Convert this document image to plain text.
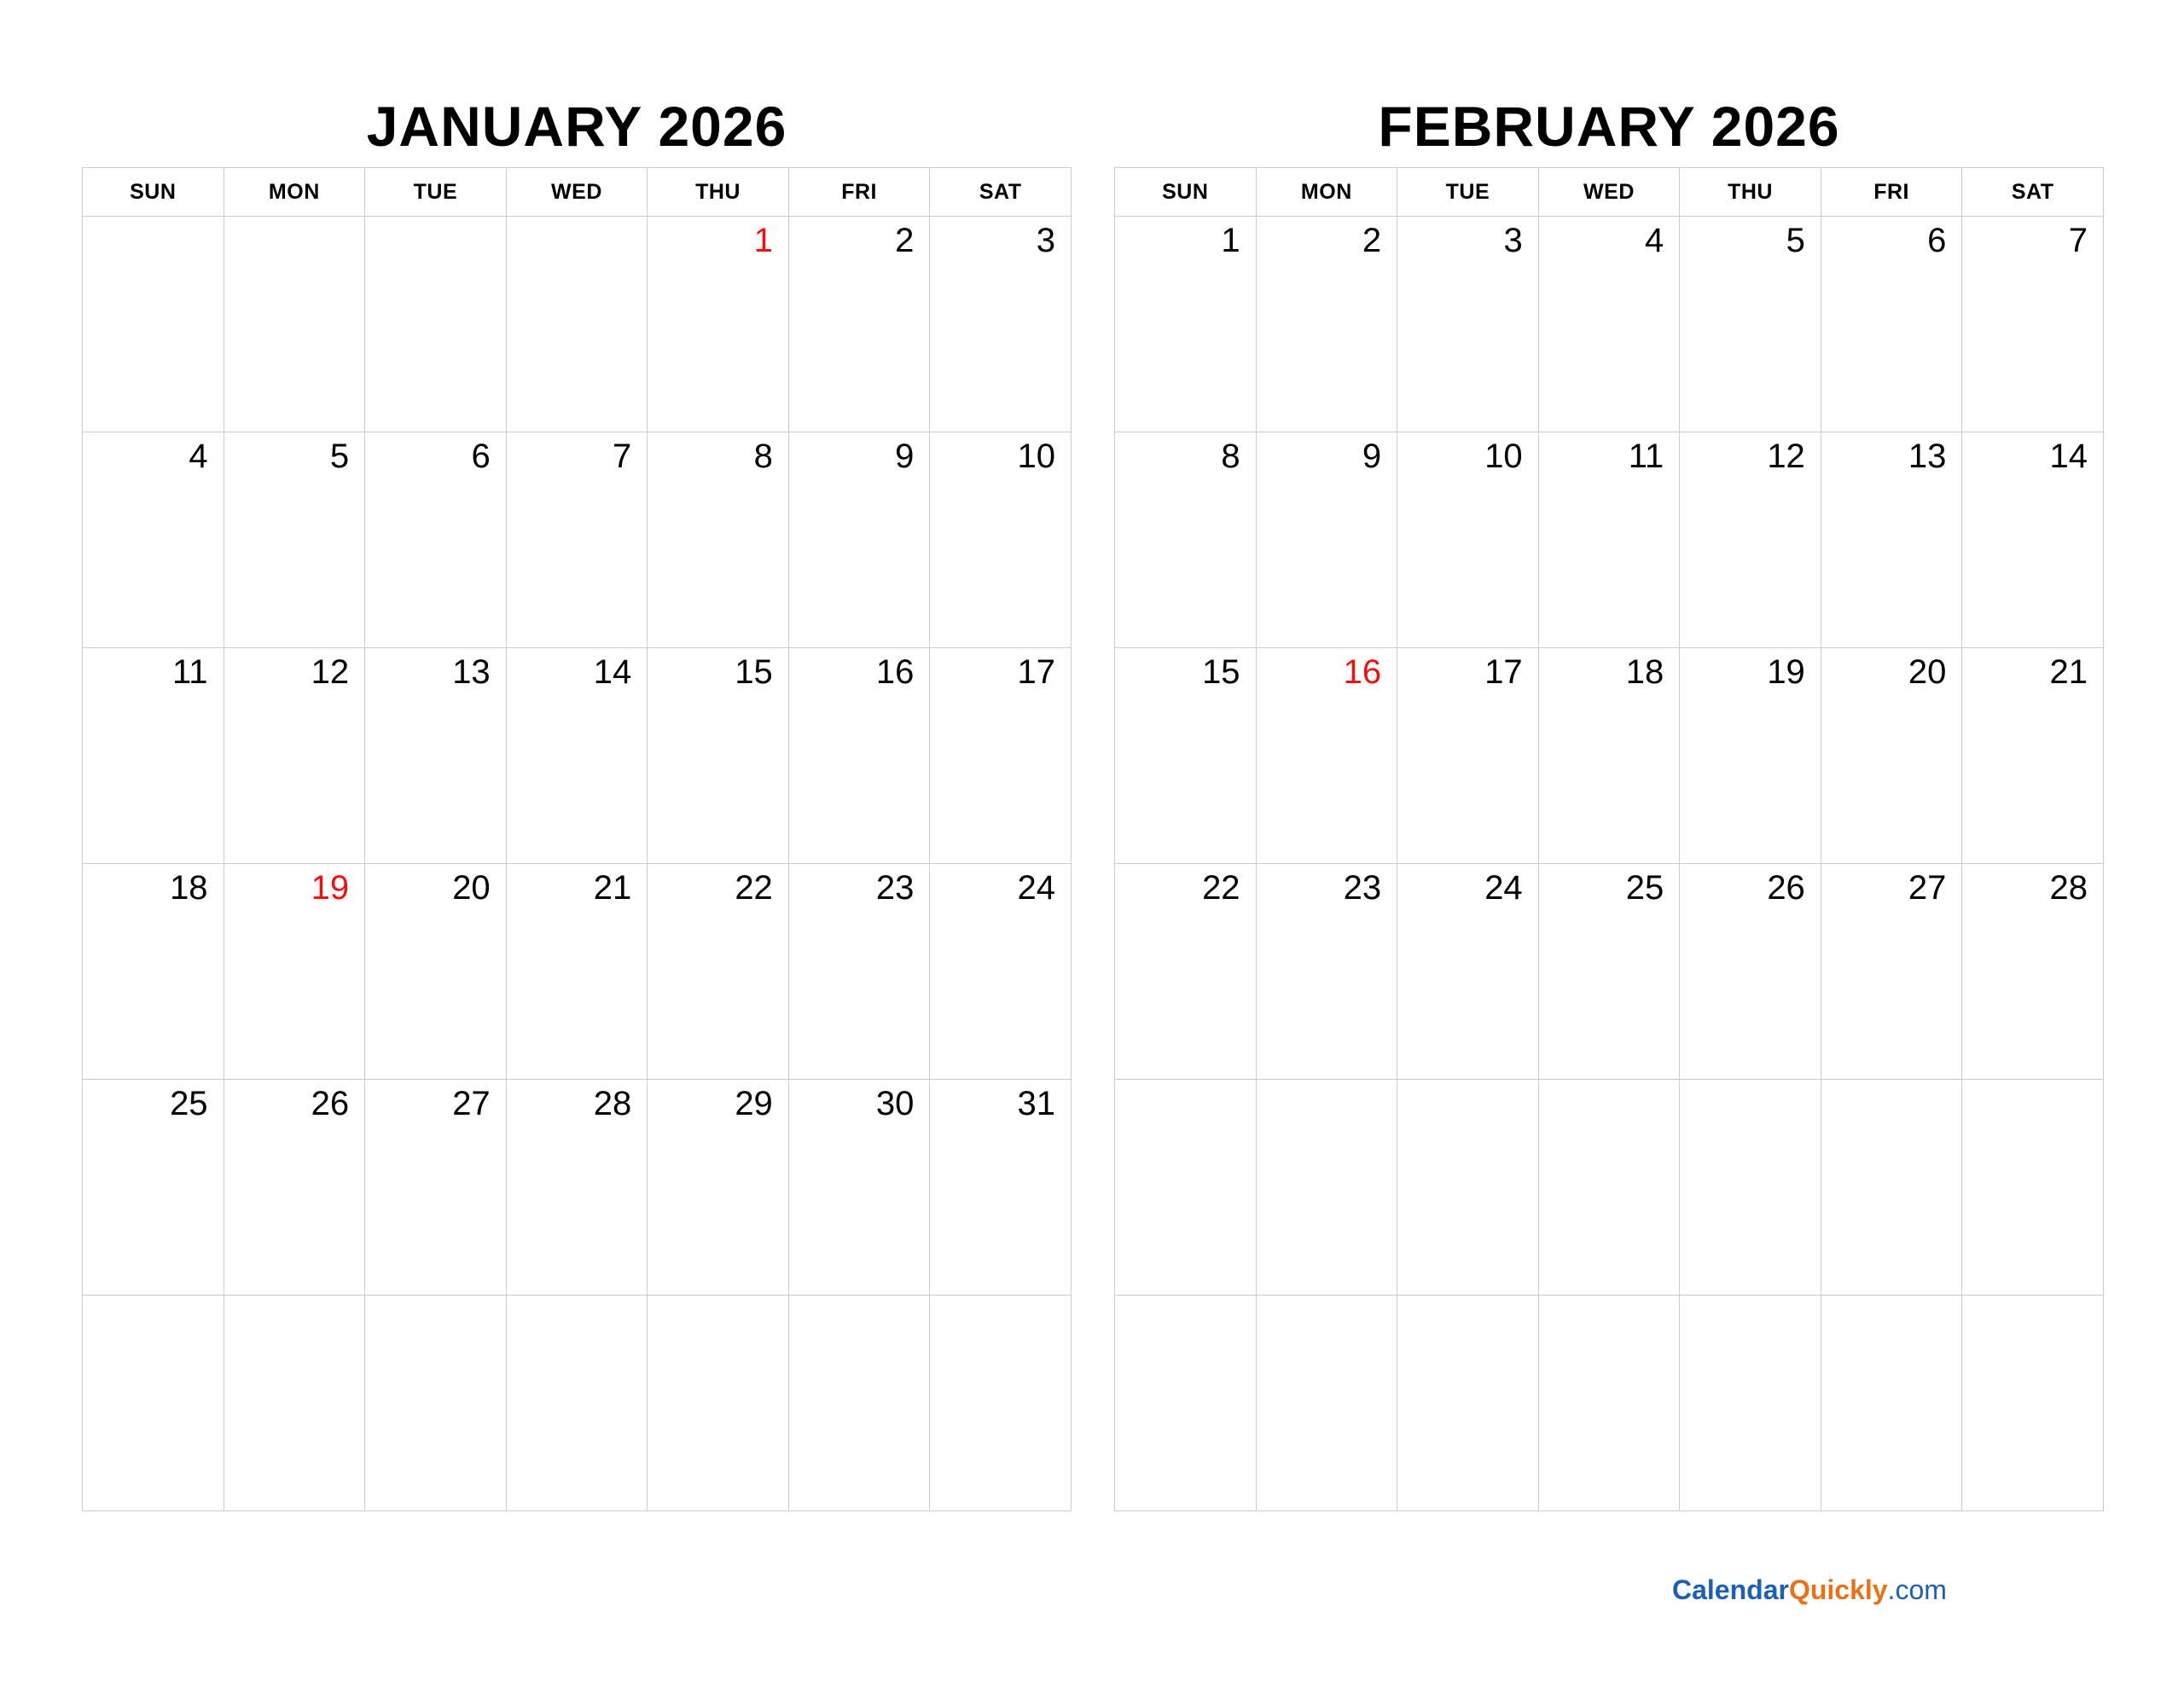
JANUARY 2026
SUN	MON	TUE	WED	THU	FRI	SAT
				1	2	3
4	5	6	7	8	9	10
11	12	13	14	15	16	17
18	19	20	21	22	23	24
25	26	27	28	29	30	31

FEBRUARY 2026
SUN	MON	TUE	WED	THU	FRI	SAT
1	2	3	4	5	6	7
8	9	10	11	12	13	14
15	16	17	18	19	20	21
22	23	24	25	26	27	28

CalendarQuickly.com
